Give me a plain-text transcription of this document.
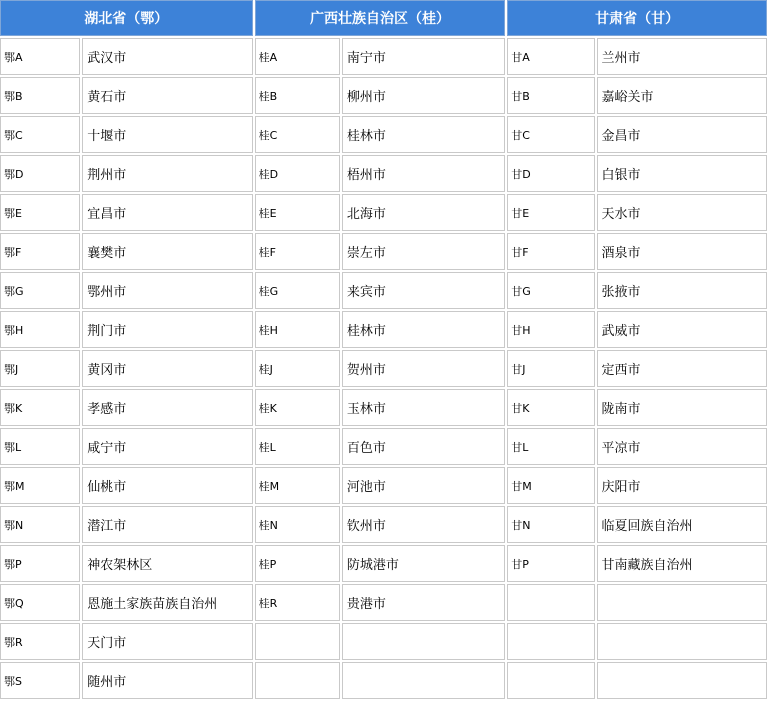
湖北省（鄂）		广西壮族自治区（桂）		甘肃省（甘）	
鄂A	武汉市	桂A	南宁市	甘A	兰州市
鄂B	黄石市	桂B	柳州市	甘B	嘉峪关市
鄂C	十堰市	桂C	桂林市	甘C	金昌市
鄂D	荆州市	桂D	梧州市	甘D	白银市
鄂E	宜昌市	桂E	北海市	甘E	天水市
鄂F	襄樊市	桂F	崇左市	甘F	酒泉市
鄂G	鄂州市	桂G	来宾市	甘G	张掖市
鄂H	荆门市	桂H	桂林市	甘H	武威市
鄂J	黄冈市	桂J	贺州市	甘J	定西市
鄂K	孝感市	桂K	玉林市	甘K	陇南市
鄂L	咸宁市	桂L	百色市	甘L	平凉市
鄂M	仙桃市	桂M	河池市	甘M	庆阳市
鄂N	潜江市	桂N	钦州市	甘N	临夏回族自治州
鄂P	神农架林区	桂P	防城港市	甘P	甘南藏族自治州
鄂Q	恩施土家族苗族自治州	桂R	贵港市		
鄂R	天门市				
鄂S	随州市				
